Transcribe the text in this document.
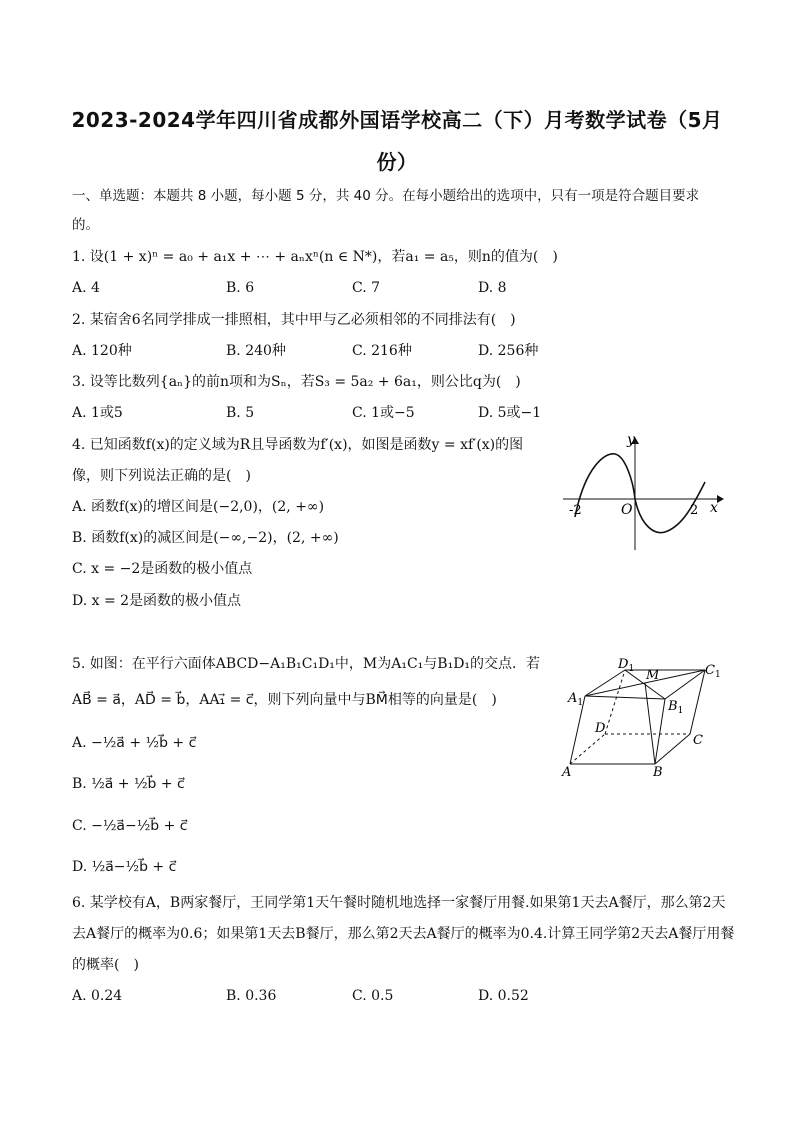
2023-2024学年四川省成都外国语学校高二（下）月考数学试卷（5月
份）
一、单选题：本题共 8 小题，每小题 5 分，共 40 分。在每小题给出的选项中，只有一项是符合题目要求
的。
1. 设(1 + x)ⁿ = a₀ + a₁x + ⋯ + aₙxⁿ(n ∈ N*)，若a₁ = a₅，则n的值为(　)
A. 4	B. 6	C. 7	D. 8
2. 某宿舍6名同学排成一排照相，其中甲与乙必须相邻的不同排法有(　)
A. 120种	B. 240种	C. 216种	D. 256种
3. 设等比数列{aₙ}的前n项和为Sₙ，若S₃ = 5a₂ + 6a₁，则公比q为(　)
A. 1或5	B. 5	C. 1或−5	D. 5或−1
4. 已知函数f(x)的定义域为R且导函数为f′(x)，如图是函数y = xf′(x)的图
像，则下列说法正确的是(　)
A. 函数f(x)的增区间是(−2,0)，(2, +∞)
B. 函数f(x)的减区间是(−∞,−2)，(2, +∞)
C. x = −2是函数的极小值点
D. x = 2是函数的极小值点
y
x
O
-2	2
5. 如图：在平行六面体ABCD−A₁B₁C₁D₁中，M为A₁C₁与B₁D₁的交点．若
AB⃗ = a⃗，AD⃗ = b⃗，AA₁⃗ = c⃗，则下列向量中与BM⃗相等的向量是(　)
A. −½a⃗ + ½b⃗ + c⃗
B. ½a⃗ + ½b⃗ + c⃗
C. −½a⃗−½b⃗ + c⃗
D. ½a⃗−½b⃗ + c⃗
A	B
C
D
$A_1$	$B_1$
$C_1$
$D_1$ M
6. 某学校有A，B两家餐厅，王同学第1天午餐时随机地选择一家餐厅用餐.如果第1天去A餐厅，那么第2天
去A餐厅的概率为0.6；如果第1天去B餐厅，那么第2天去A餐厅的概率为0.4.计算王同学第2天去A餐厅用餐
的概率(　)
A. 0.24	B. 0.36	C. 0.5	D. 0.52
